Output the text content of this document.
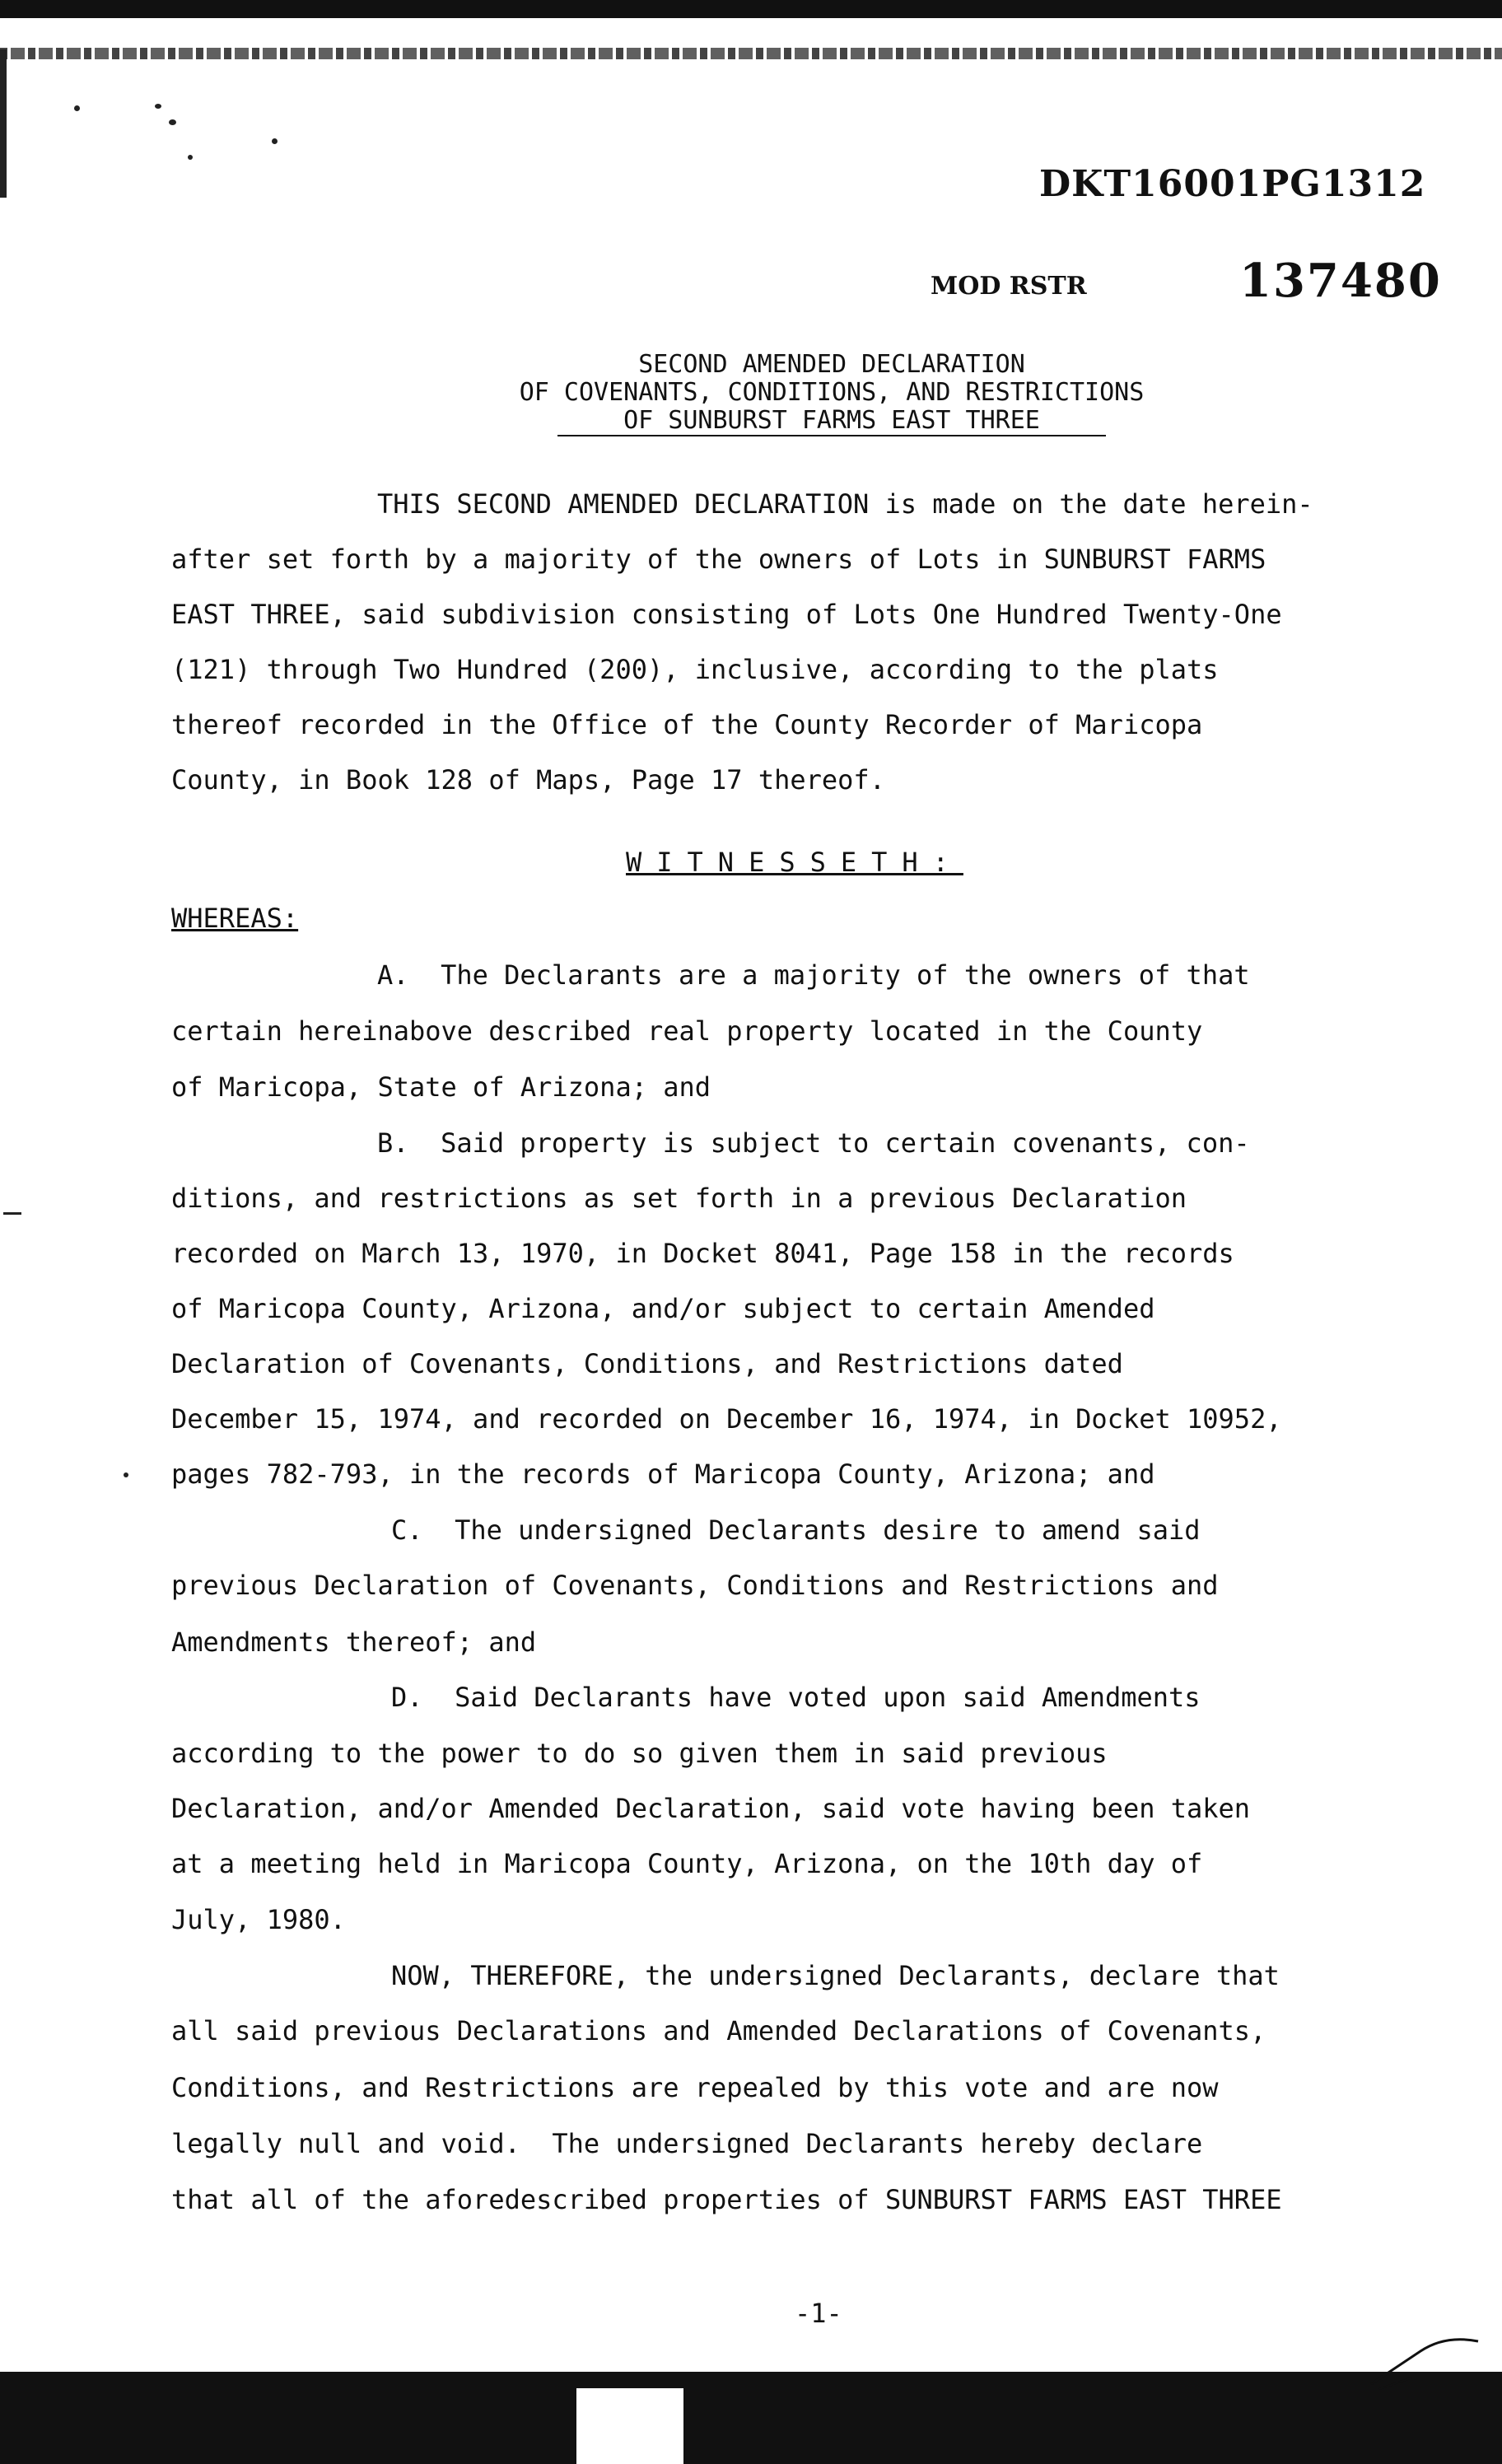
DKT16001PG1312
MOD RSTR	137480
SECOND AMENDED DECLARATION
OF COVENANTS, CONDITIONS, AND RESTRICTIONS
OF SUNBURST FARMS EAST THREE
THIS SECOND AMENDED DECLARATION is made on the date herein-
after set forth by a majority of the owners of Lots in SUNBURST FARMS
EAST THREE, said subdivision consisting of Lots One Hundred Twenty-One
(121) through Two Hundred (200), inclusive, according to the plats
thereof recorded in the Office of the County Recorder of Maricopa
County, in Book 128 of Maps, Page 17 thereof.
WITNESSETH:
WHEREAS:
A.  The Declarants are a majority of the owners of that
certain hereinabove described real property located in the County
of Maricopa, State of Arizona; and
B.  Said property is subject to certain covenants, con-
ditions, and restrictions as set forth in a previous Declaration
recorded on March 13, 1970, in Docket 8041, Page 158 in the records
of Maricopa County, Arizona, and/or subject to certain Amended
Declaration of Covenants, Conditions, and Restrictions dated
December 15, 1974, and recorded on December 16, 1974, in Docket 10952,
pages 782-793, in the records of Maricopa County, Arizona; and
C.  The undersigned Declarants desire to amend said
previous Declaration of Covenants, Conditions and Restrictions and
Amendments thereof; and
D.  Said Declarants have voted upon said Amendments
according to the power to do so given them in said previous
Declaration, and/or Amended Declaration, said vote having been taken
at a meeting held in Maricopa County, Arizona, on the 10th day of
July, 1980.
NOW, THEREFORE, the undersigned Declarants, declare that
all said previous Declarations and Amended Declarations of Covenants,
Conditions, and Restrictions are repealed by this vote and are now
legally null and void.  The undersigned Declarants hereby declare
that all of the aforedescribed properties of SUNBURST FARMS EAST THREE
-1-
